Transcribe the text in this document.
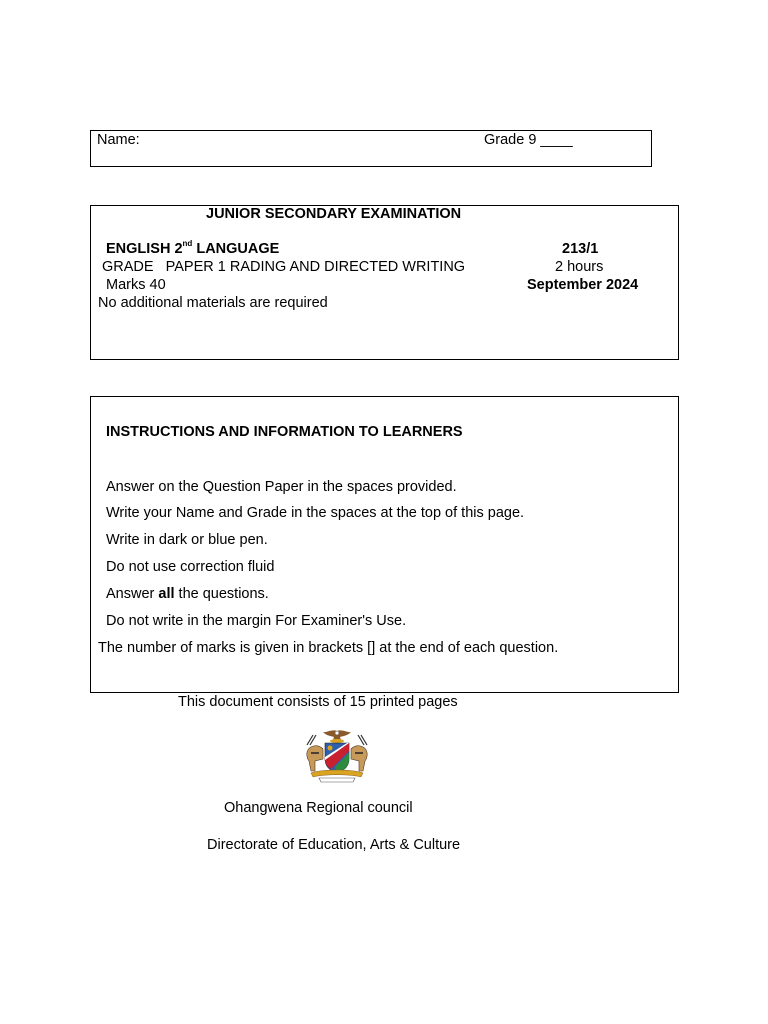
Name:	Grade 9 ____
JUNIOR SECONDARY EXAMINATION
ENGLISH 2nd LANGUAGE	213/1
GRADE   PAPER 1 RADING AND DIRECTED WRITING	2 hours
Marks 40	September 2024
No additional materials are required
INSTRUCTIONS AND INFORMATION TO LEARNERS
Answer on the Question Paper in the spaces provided.
Write your Name and Grade in the spaces at the top of this page.
Write in dark or blue pen.
Do not use correction fluid
Answer all the questions.
Do not write in the margin For Examiner's Use.
The number of marks is given in brackets [] at the end of each question.
This document consists of 15 printed pages
Ohangwena Regional council
Directorate of Education, Arts & Culture
